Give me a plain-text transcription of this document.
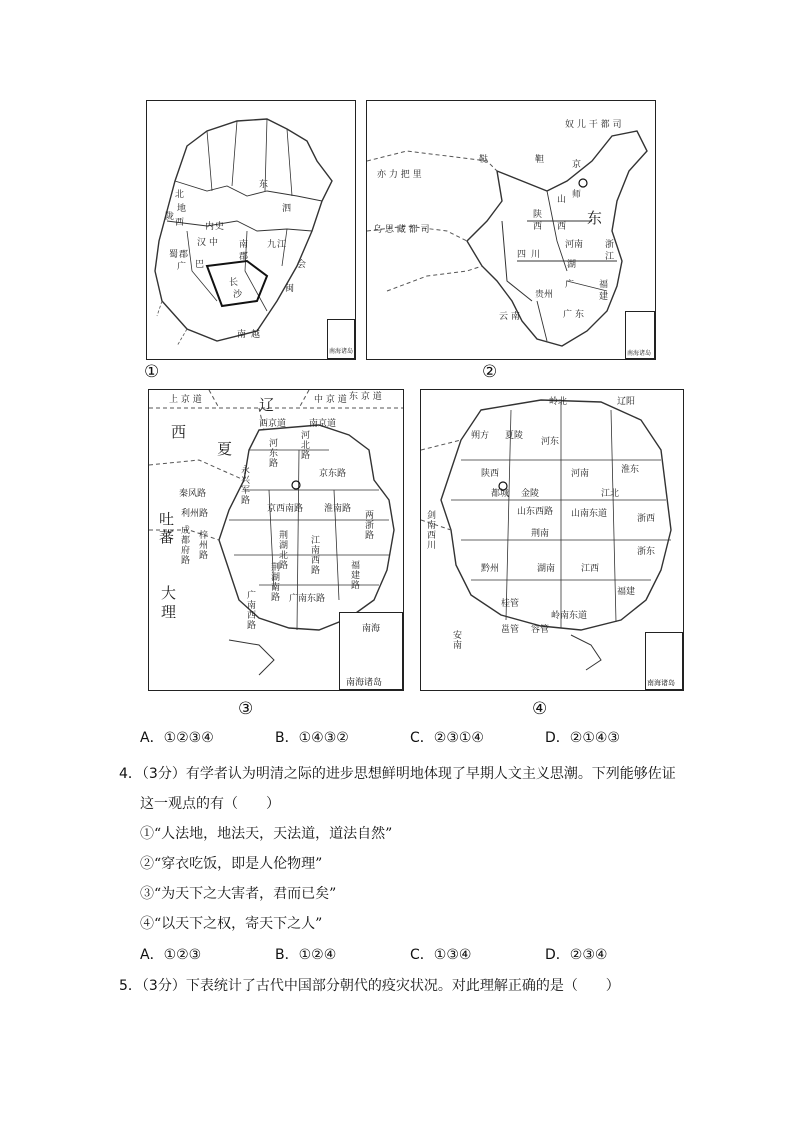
北
地
陇
西 内 史
汉 中
巴
蜀 郡
广
南
郡
东
泗
九 江
长
沙
闽
会
南 越
南海诸岛
①
奴 儿 干 都 司
鞑	靼
亦 力 把 里
乌 思 藏 都 司
京
师
山
西
陕
西
河南
东
四 川
湖
广
贵州
云 南	广 东
福
建
浙
江
南海诸岛
②
上 京 道	中 京 道 东 京 道
辽
西
夏
西京道	南京道
河东路 河北路
京东路
永兴军路
秦风路
京西南路 淮南路
利州路
吐
蕃 成都府路 梓州路	荆湖北路
荆湖南路
江南西路
两浙路
福建路
广南东路
广南西路
大
理
南海
南海诸岛
③
辽阳
岭北
朔方 夏陵
河东
陕西
都城
河南
山东西路
淮东
金陵	江北
山南东道
剑南西川	荆南
黔州	湖南	江西
浙东
浙西
福建
桂管
容管
岭南东道
安南	邕管
南海诸岛
④
A．①②③④	B．①④③②	C．②③①④	D．②①④③
4．（3分）有学者认为明清之际的进步思想鲜明地体现了早期人文主义思潮。下列能够佐证
这一观点的有（　　）
①“人法地，地法天，天法道，道法自然”
②“穿衣吃饭，即是人伦物理”
③“为天下之大害者，君而已矣”
④“以天下之权，寄天下之人”
A．①②③	B．①②④	C．①③④	D．②③④
5．（3分）下表统计了古代中国部分朝代的疫灾状况。对此理解正确的是（　　）
